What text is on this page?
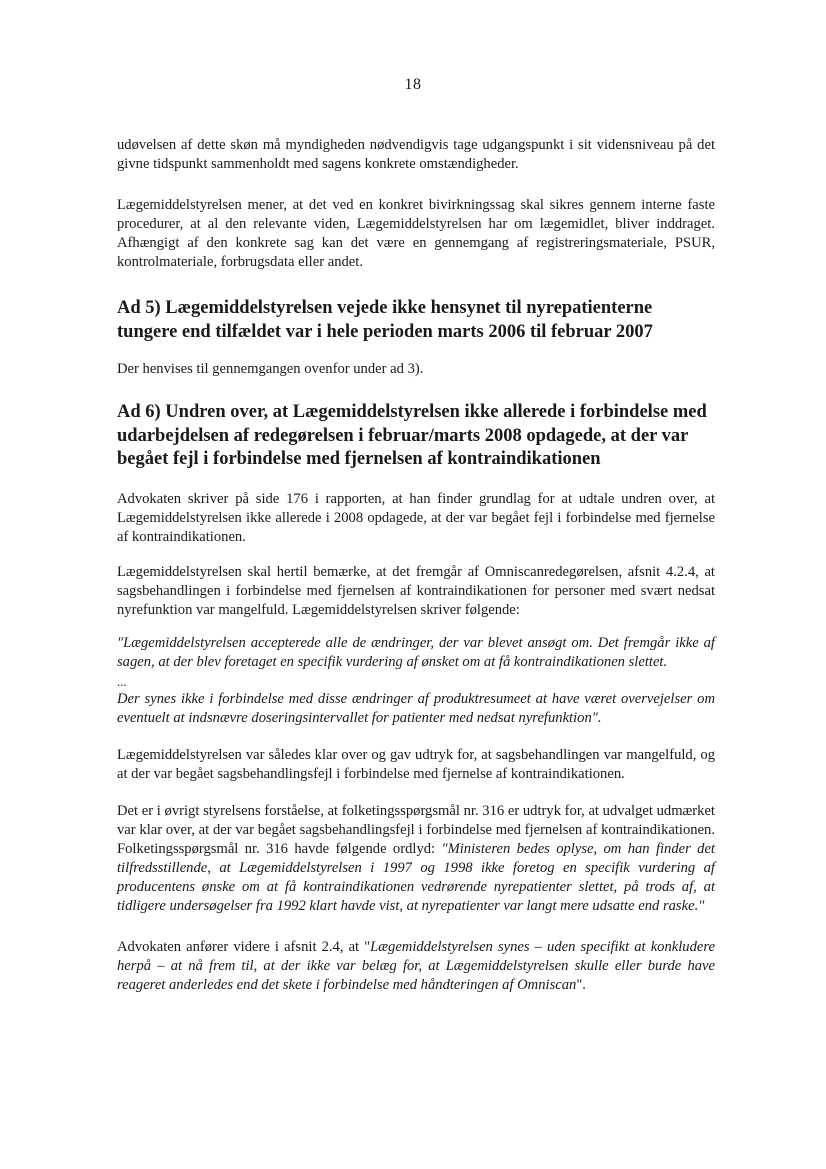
18

udøvelsen af dette skøn må myndigheden nødvendigvis tage udgangspunkt i sit vidensniveau på det givne tidspunkt sammenholdt med sagens konkrete omstændigheder.

Lægemiddelstyrelsen mener, at det ved en konkret bivirkningssag skal sikres gennem interne faste procedurer, at al den relevante viden, Lægemiddelstyrelsen har om lægemidlet, bliver inddraget. Afhængigt af den konkrete sag kan det være en gennemgang af registreringsmateriale, PSUR, kontrolmateriale, forbrugsdata eller andet.

Ad 5) Lægemiddelstyrelsen vejede ikke hensynet til nyrepatienterne tungere end tilfældet var i hele perioden marts 2006 til februar 2007

Der henvises til gennemgangen ovenfor under ad 3).

Ad 6) Undren over, at Lægemiddelstyrelsen ikke allerede i forbindelse med udarbejdelsen af redegørelsen i februar/marts 2008 opdagede, at der var begået fejl i forbindelse med fjernelsen af kontraindikationen

Advokaten skriver på side 176 i rapporten, at han finder grundlag for at udtale undren over, at Lægemiddelstyrelsen ikke allerede i 2008 opdagede, at der var begået fejl i forbindelse med fjernelse af kontraindikationen.

Lægemiddelstyrelsen skal hertil bemærke, at det fremgår af Omniscanredegørelsen, afsnit 4.2.4, at sagsbehandlingen i forbindelse med fjernelsen af kontraindikationen for personer med svært nedsat nyrefunktion var mangelfuld. Lægemiddelstyrelsen skriver følgende:

"Lægemiddelstyrelsen accepterede alle de ændringer, der var blevet ansøgt om. Det fremgår ikke af sagen, at der blev foretaget en specifik vurdering af ønsket om at få kontraindikationen slettet.

...

Der synes ikke i forbindelse med disse ændringer af produktresumeet at have været overvejelser om eventuelt at indsnævre doseringsintervallet for patienter med nedsat nyrefunktion".

Lægemiddelstyrelsen var således klar over og gav udtryk for, at sagsbehandlingen var mangelfuld, og at der var begået sagsbehandlingsfejl i forbindelse med fjernelse af kontraindikationen.

Det er i øvrigt styrelsens forståelse, at folketingsspørgsmål nr. 316 er udtryk for, at udvalget udmærket var klar over, at der var begået sagsbehandlingsfejl i forbindelse med fjernelsen af kontraindikationen. Folketingsspørgsmål nr. 316 havde følgende ordlyd: "Ministeren bedes oplyse, om han finder det tilfredsstillende, at Lægemiddelstyrelsen i 1997 og 1998 ikke foretog en specifik vurdering af producentens ønske om at få kontraindikationen vedrørende nyrepatienter slettet, på trods af, at tidligere undersøgelser fra 1992 klart havde vist, at nyrepatienter var langt mere udsatte end raske."

Advokaten anfører videre i afsnit 2.4, at "Lægemiddelstyrelsen synes – uden specifikt at konkludere herpå – at nå frem til, at der ikke var belæg for, at Lægemiddelstyrelsen skulle eller burde have reageret anderledes end det skete i forbindelse med håndteringen af Omniscan".
